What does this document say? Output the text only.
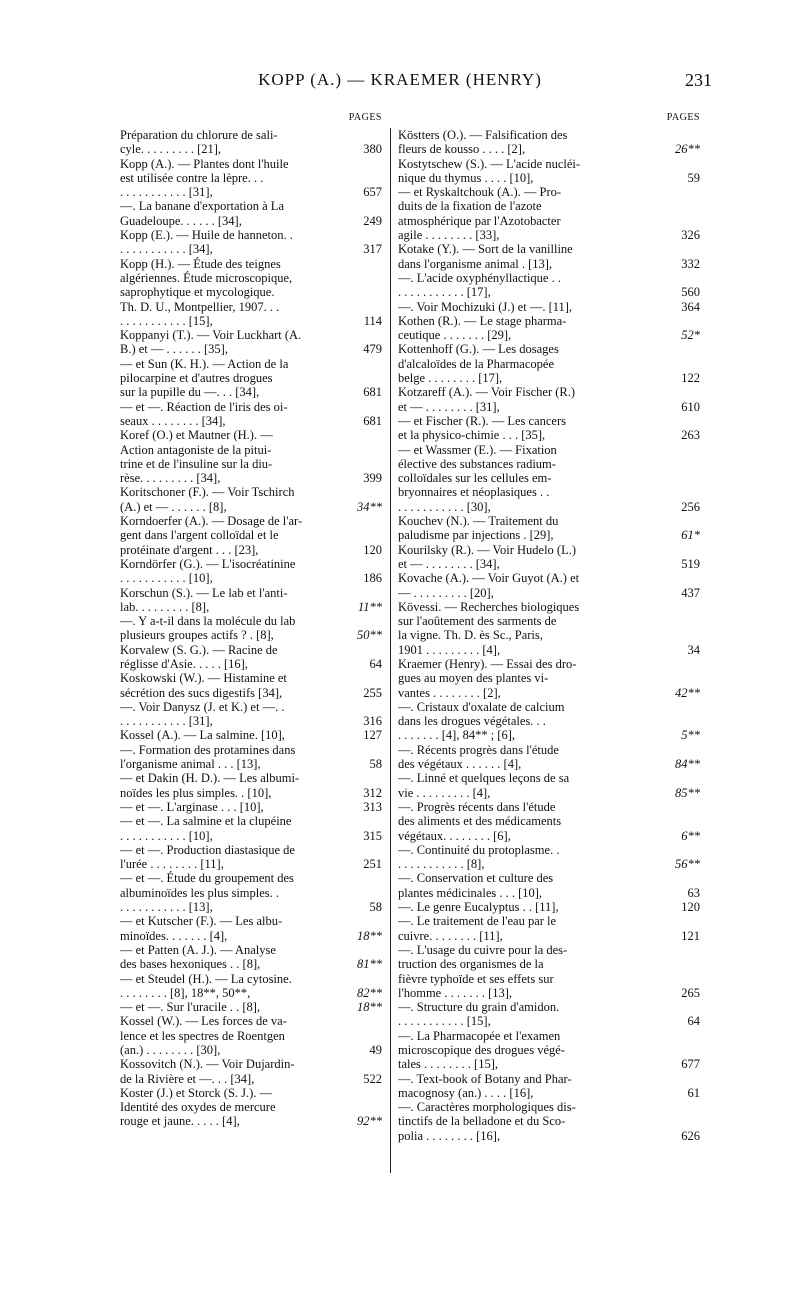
KOPP (A.) — KRAEMER (HENRY)	231
PAGES
Préparation du chlorure de sali-
cyle. . . . . . . . . [21],	380
Kopp (A.). — Plantes dont l'huile
est utilisée contre la lèpre. . .
. . . . . . . . . . . [31],	657
—. La banane d'exportation à La
Guadeloupe. . . . . . [34],	249
Kopp (E.). — Huile de hanneton. .
. . . . . . . . . . . [34],	317
Kopp (H.). — Étude des teignes
algériennes. Étude microscopique,
saprophytique et mycologique.
Th. D. U., Montpellier, 1907. . .
. . . . . . . . . . . [15],	114
Koppanyi (T.). — Voir Luckhart (A.
B.) et — . . . . . . [35],	479
— et Sun (K. H.). — Action de la
pilocarpine et d'autres drogues
sur la pupille du —. . . [34],	681
— et —. Réaction de l'iris des oi-
seaux . . . . . . . . [34],	681
Koref (O.) et Mautner (H.). —
Action antagoniste de la pitui-
trine et de l'insuline sur la diu-
rèse. . . . . . . . . [34],	399
Koritschoner (F.). — Voir Tschirch
(A.) et — . . . . . . [8],	34**
Korndoerfer (A.). — Dosage de l'ar-
gent dans l'argent colloïdal et le
protéinate d'argent . . . [23],	120
Korndörfer (G.). — L'isocréatinine
. . . . . . . . . . . [10],	186
Korschun (S.). — Le lab et l'anti-
lab. . . . . . . . . [8],	11**
—. Y a-t-il dans la molécule du lab
plusieurs groupes actifs ? . [8],	50**
Korvalew (S. G.). — Racine de
réglisse d'Asie. . . . . [16],	64
Koskowski (W.). — Histamine et
sécrétion des sucs digestifs [34],	255
—. Voir Danysz (J. et K.) et —. .
. . . . . . . . . . . [31],	316
Kossel (A.). — La salmine. [10],	127
—. Formation des protamines dans
l'organisme animal . . . [13],	58
— et Dakin (H. D.). — Les albumi-
noïdes les plus simples. . [10],	312
— et —. L'arginase . . . [10],	313
— et —. La salmine et la clupéine
. . . . . . . . . . . [10],	315
— et —. Production diastasique de
l'urée . . . . . . . . [11],	251
— et —. Étude du groupement des
albuminoïdes les plus simples. .
. . . . . . . . . . . [13],	58
— et Kutscher (F.). — Les albu-
minoïdes. . . . . . . [4],	18**
— et Patten (A. J.). — Analyse
des bases hexoniques . . [8],	81**
— et Steudel (H.). — La cytosine.
. . . . . . . . [8], 18**, 50**,	82**
— et —. Sur l'uracile . . [8],	18**
Kossel (W.). — Les forces de va-
lence et les spectres de Roentgen
(an.) . . . . . . . . [30],	49
Kossovitch (N.). — Voir Dujardin-
de la Rivière et —. . . [34],	522
Koster (J.) et Storck (S. J.). —
Identité des oxydes de mercure
rouge et jaune. . . . . [4],	92**
PAGES
Köstters (O.). — Falsification des
fleurs de kousso . . . . [2],	26**
Kostytschew (S.). — L'acide nucléi-
nique du thymus . . . . [10],	59
— et Ryskaltchouk (A.). — Pro-
duits de la fixation de l'azote
atmosphérique par l'Azotobacter
agile . . . . . . . . [33],	326
Kotake (Y.). — Sort de la vanilline
dans l'organisme animal . [13],	332
—. L'acide oxyphényllactique . .
. . . . . . . . . . . [17],	560
—. Voir Mochizuki (J.) et —. [11],	364
Kothen (R.). — Le stage pharma-
ceutique . . . . . . . [29],	52*
Kottenhoff (G.). — Les dosages
d'alcaloïdes de la Pharmacopée
belge . . . . . . . . [17],	122
Kotzareff (A.). — Voir Fischer (R.)
et — . . . . . . . . [31],	610
— et Fischer (R.). — Les cancers
et la physico-chimie . . . [35],	263
— et Wassmer (E.). — Fixation
élective des substances radium-
colloïdales sur les cellules em-
bryonnaires et néoplasiques . .
. . . . . . . . . . . [30],	256
Kouchev (N.). — Traitement du
paludisme par injections . [29],	61*
Kourilsky (R.). — Voir Hudelo (L.)
et — . . . . . . . . [34],	519
Kovache (A.). — Voir Guyot (A.) et
— . . . . . . . . . [20],	437
Kövessi. — Recherches biologiques
sur l'aoûtement des sarments de
la vigne. Th. D. ès Sc., Paris,
1901 . . . . . . . . . [4],	34
Kraemer (Henry). — Essai des dro-
gues au moyen des plantes vi-
vantes . . . . . . . . [2],	42**
—. Cristaux d'oxalate de calcium
dans les drogues végétales. . .
. . . . . . . [4], 84** ; [6],	5**
—. Récents progrès dans l'étude
des végétaux . . . . . . [4],	84**
—. Linné et quelques leçons de sa
vie . . . . . . . . . [4],	85**
—. Progrès récents dans l'étude
des aliments et des médicaments
végétaux. . . . . . . . [6],	6**
—. Continuité du protoplasme. .
. . . . . . . . . . . [8],	56**
—. Conservation et culture des
plantes médicinales . . . [10],	63
—. Le genre Eucalyptus . . [11],	120
—. Le traitement de l'eau par le
cuivre. . . . . . . . [11],	121
—. L'usage du cuivre pour la des-
truction des organismes de la
fièvre typhoïde et ses effets sur
l'homme . . . . . . . [13],	265
—. Structure du grain d'amidon.
. . . . . . . . . . . [15],	64
—. La Pharmacopée et l'examen
microscopique des drogues végé-
tales . . . . . . . . [15],	677
—. Text-book of Botany and Phar-
macognosy (an.) . . . . [16],	61
—. Caractères morphologiques dis-
tinctifs de la belladone et du Sco-
polia . . . . . . . . [16],	626
